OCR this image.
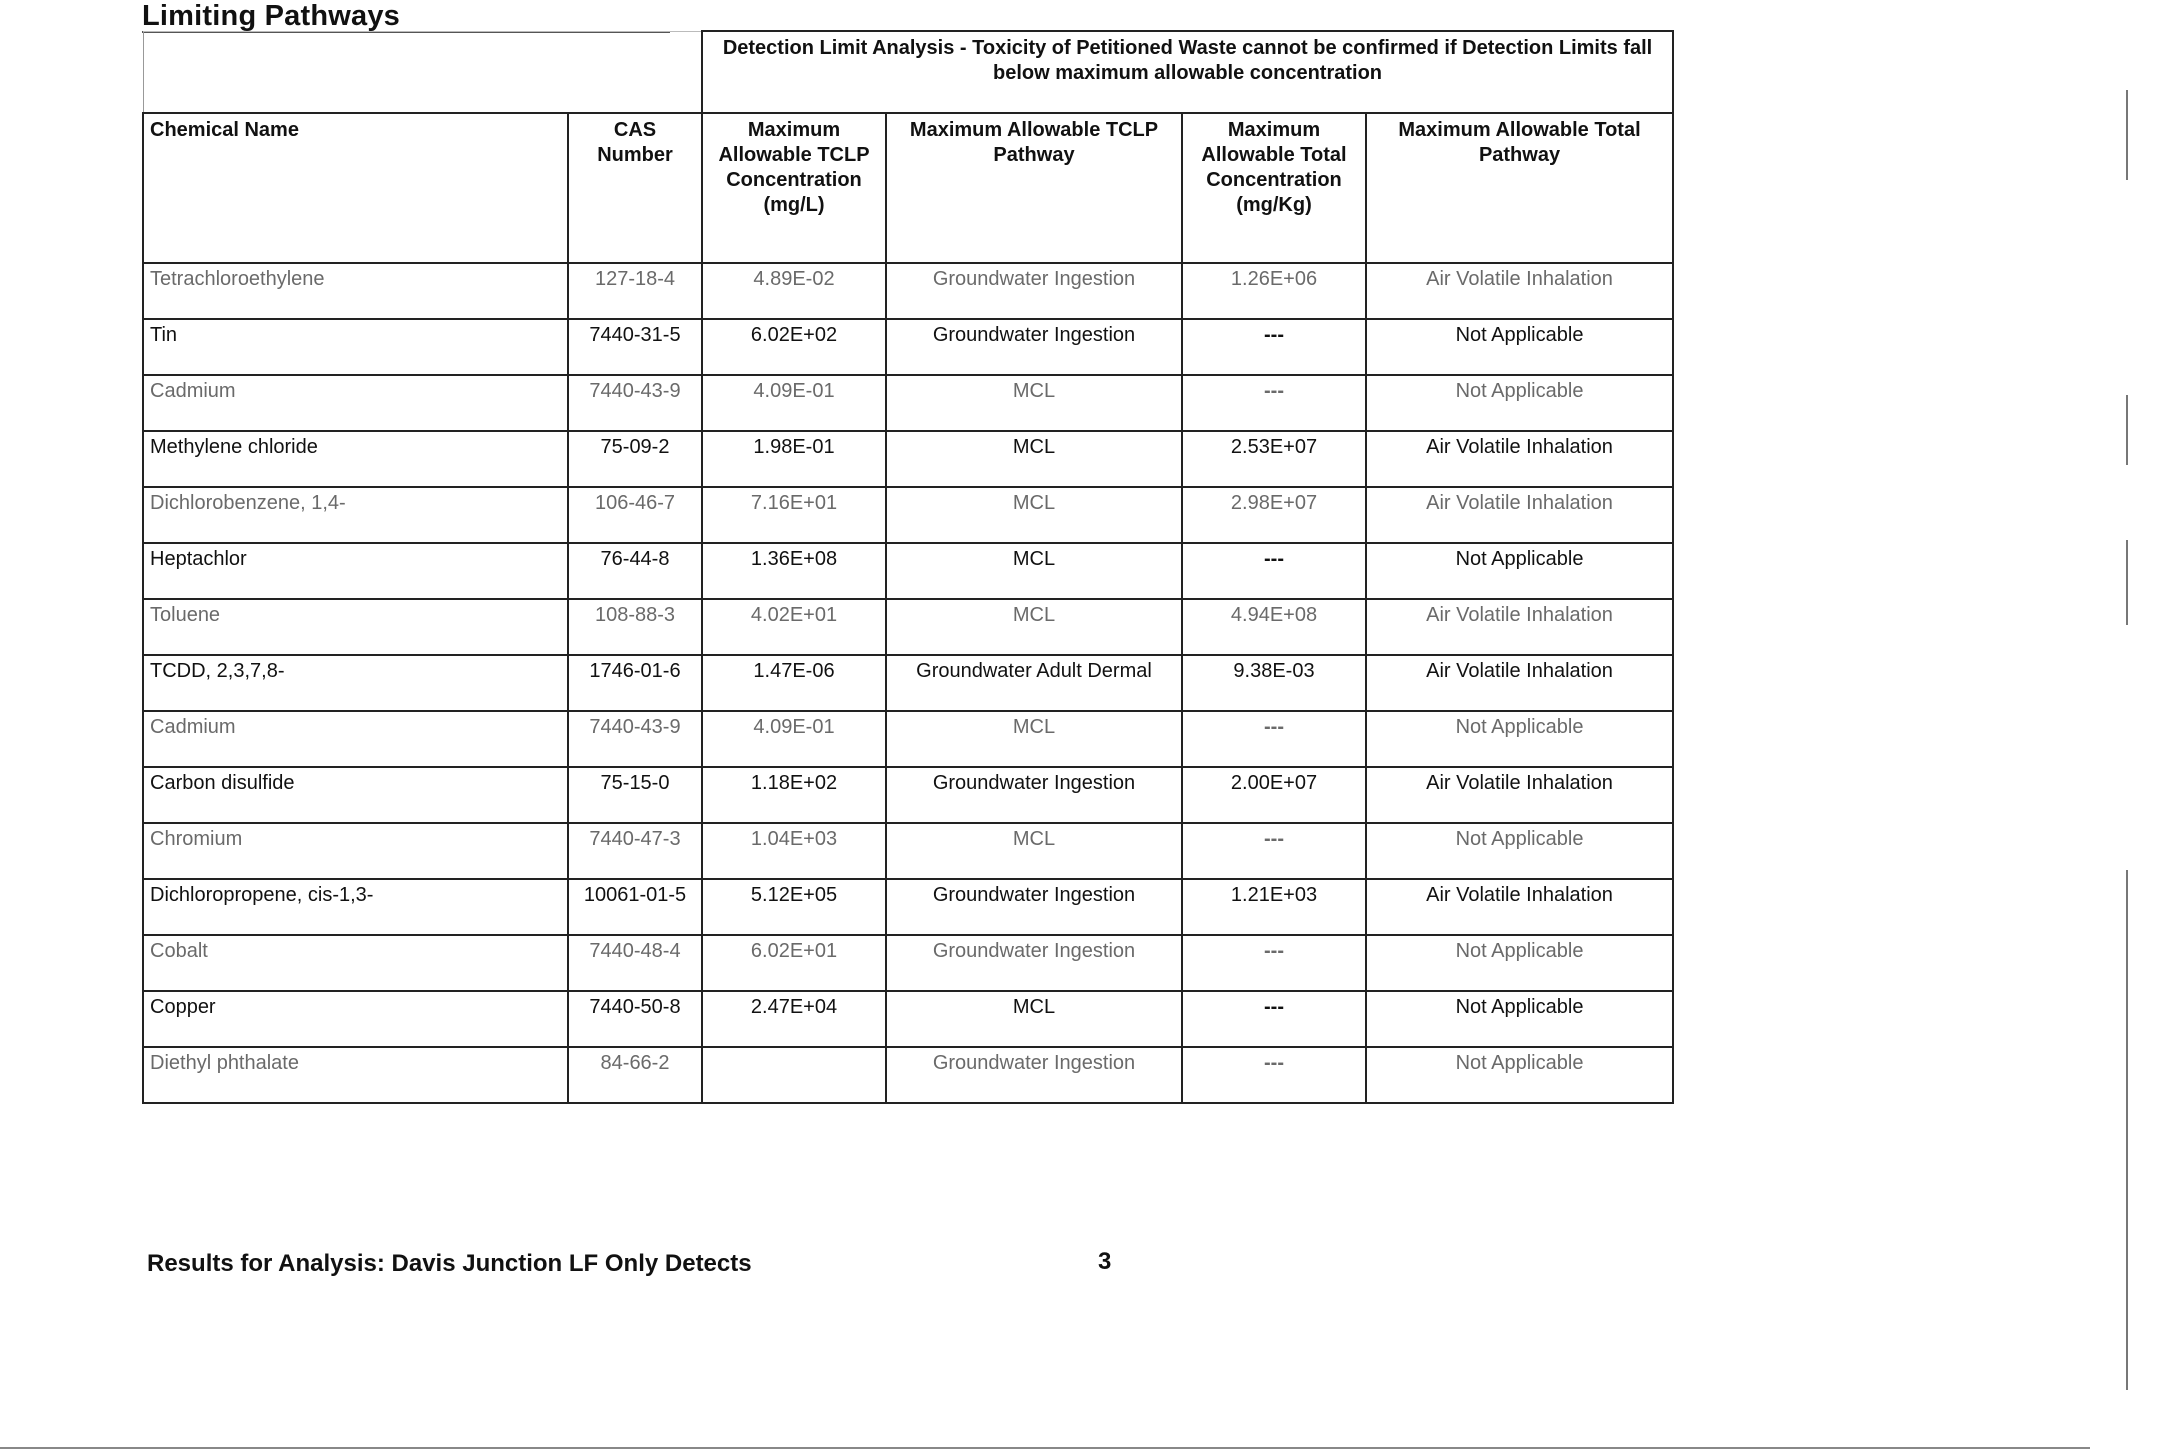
Limiting Pathways
		Detection Limit Analysis - Toxicity of Petitioned Waste cannot be confirmed if Detection Limits fall below maximum allowable concentration			
Chemical Name	CAS Number	Maximum Allowable TCLP Concentration (mg/L)	Maximum Allowable TCLP Pathway	Maximum Allowable Total Concentration (mg/Kg)	Maximum Allowable Total Pathway
Tetrachloroethylene	127-18-4	4.89E-02	Groundwater Ingestion	1.26E+06	Air Volatile Inhalation
Tin	7440-31-5	6.02E+02	Groundwater Ingestion	---	Not Applicable
Cadmium	7440-43-9	4.09E-01	MCL	---	Not Applicable
Methylene chloride	75-09-2	1.98E-01	MCL	2.53E+07	Air Volatile Inhalation
Dichlorobenzene, 1,4-	106-46-7	7.16E+01	MCL	2.98E+07	Air Volatile Inhalation
Heptachlor	76-44-8	1.36E+08	MCL	---	Not Applicable
Toluene	108-88-3	4.02E+01	MCL	4.94E+08	Air Volatile Inhalation
TCDD, 2,3,7,8-	1746-01-6	1.47E-06	Groundwater Adult Dermal	9.38E-03	Air Volatile Inhalation
Cadmium	7440-43-9	4.09E-01	MCL	---	Not Applicable
Carbon disulfide	75-15-0	1.18E+02	Groundwater Ingestion	2.00E+07	Air Volatile Inhalation
Chromium	7440-47-3	1.04E+03	MCL	---	Not Applicable
Dichloropropene, cis-1,3-	10061-01-5	5.12E+05	Groundwater Ingestion	1.21E+03	Air Volatile Inhalation
Cobalt	7440-48-4	6.02E+01	Groundwater Ingestion	---	Not Applicable
Copper	7440-50-8	2.47E+04	MCL	---	Not Applicable
Diethyl phthalate	84-66-2		Groundwater Ingestion	---	Not Applicable
Results for Analysis: Davis Junction LF Only Detects	3
